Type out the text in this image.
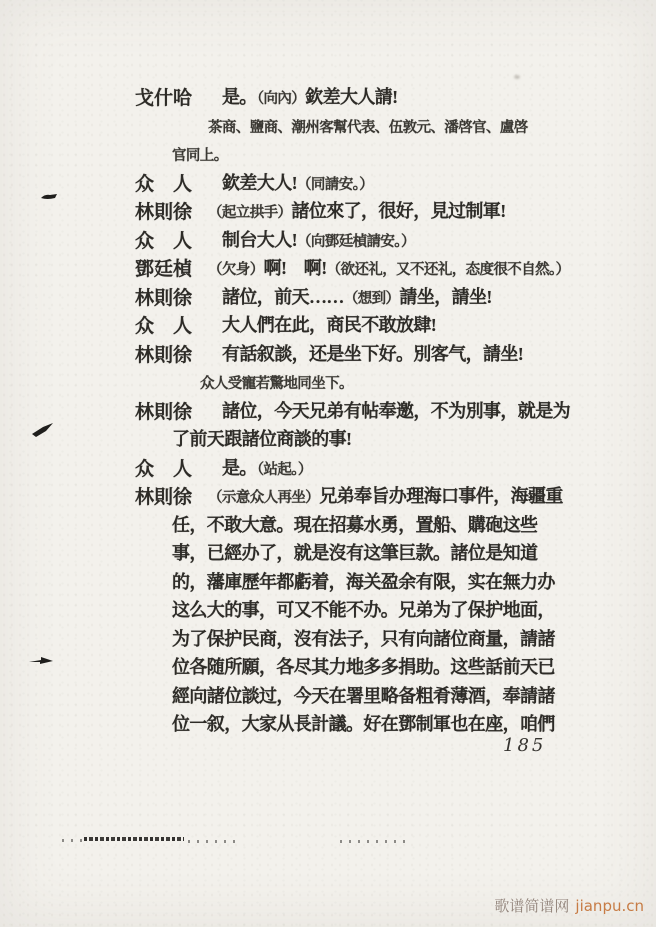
戈什哈 是。（向內）欽差大人請!
茶商、鹽商、潮州客幫代表、伍敦元、潘啓官、盧啓
官同上。
众　人 欽差大人!（同請安。）
林則徐 （起立拱手）諸位來了，很好，見过制軍!
众　人 制台大人!（向鄧廷楨請安。）
鄧廷楨 （欠身）啊!　啊!（欲还礼，又不还礼，态度很不自然。）
林則徐 諸位，前天……（想到）請坐，請坐!
众　人 大人們在此，商民不敢放肆!
林則徐 有話叙談，还是坐下好。別客气，請坐!
众人受寵若驚地同坐下。
林則徐 諸位，今天兄弟有帖奉邀，不为別事，就是为
了前天跟諸位商談的事!
众　人 是。（站起。）
林則徐 （示意众人再坐）兄弟奉旨办理海口事件，海疆重
任，不敢大意。現在招募水勇，置船、購砲这些
事，已經办了，就是沒有这筆巨款。諸位是知道
的，藩庫歷年都虧着，海关盈余有限，实在無力办
这么大的事，可又不能不办。兄弟为了保护地面，
为了保护民商，沒有法子，只有向諸位商量，請諸
位各随所願，各尽其力地多多捐助。这些話前天已
經向諸位談过，今天在署里略备粗肴薄酒，奉請諸
位一叙，大家从長計議。好在鄧制軍也在座，咱們
185
歌谱简谱网 jianpu.cn
